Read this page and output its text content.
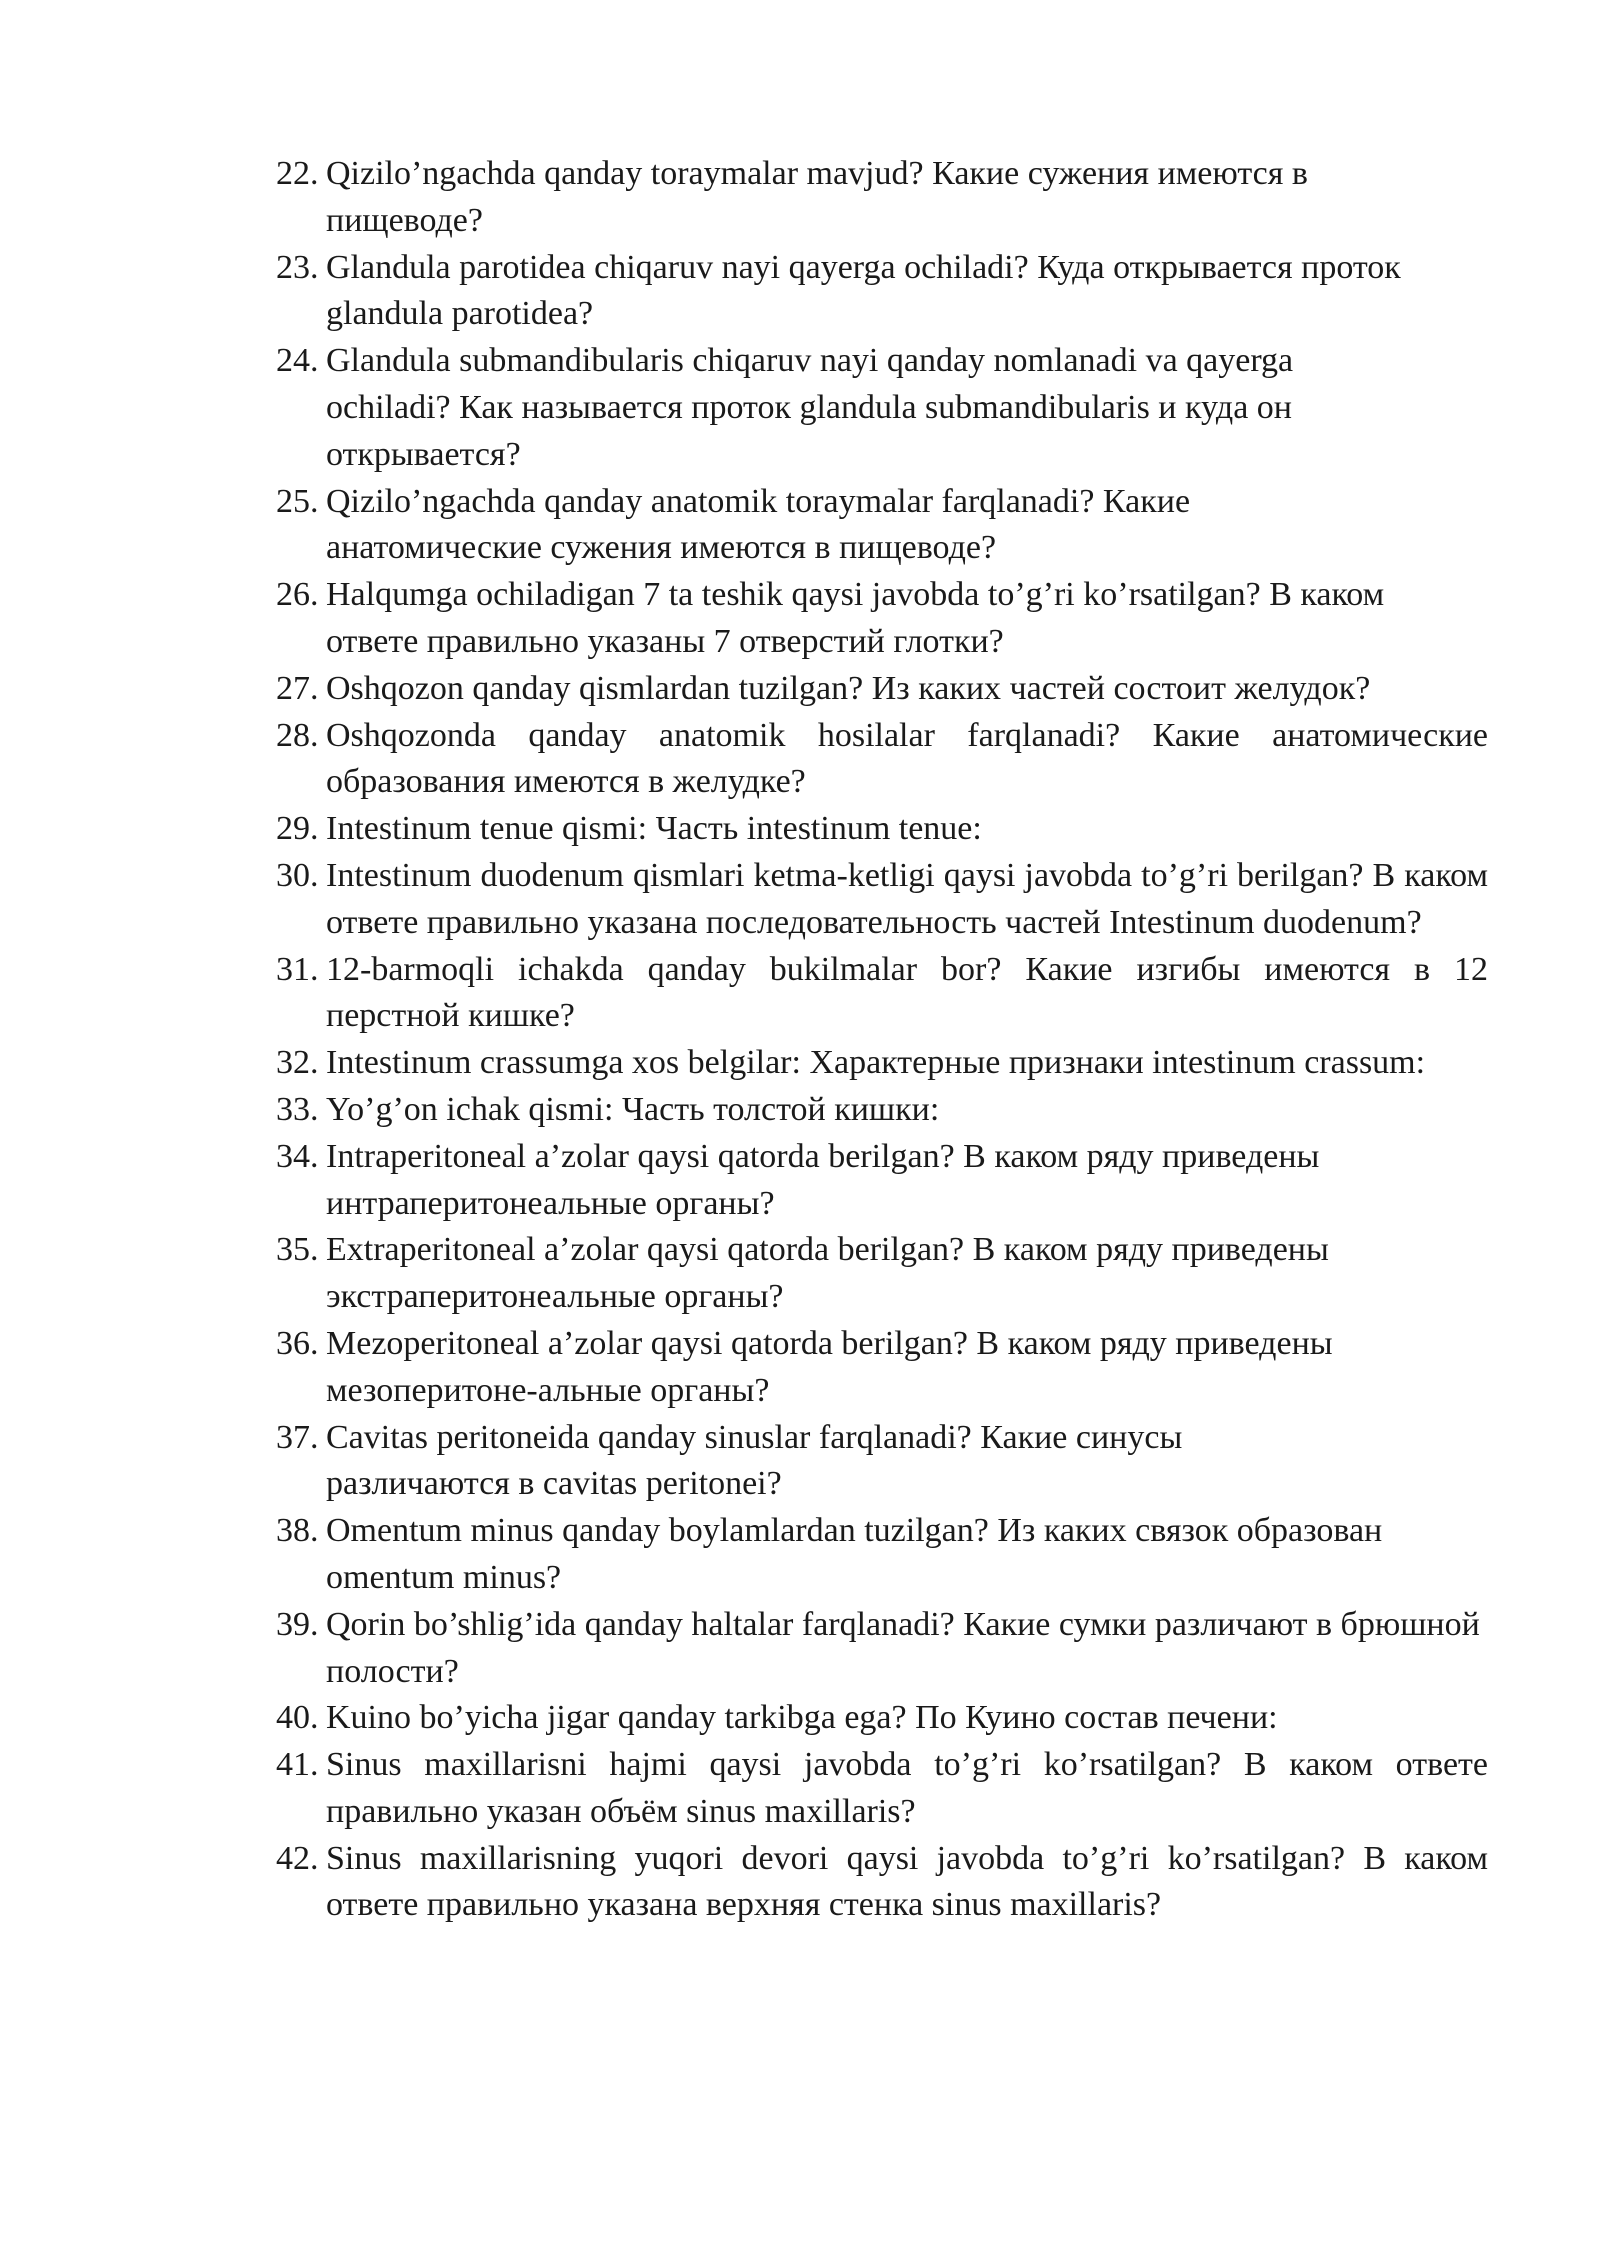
22. Qizilo’ngachda qanday toraymalar mavjud? Какие сужения имеются в пищеводе?
23. Glandula parotidea chiqaruv nayi qayerga ochiladi? Куда открывается проток glandula parotidea?
24. Glandula submandibularis chiqaruv nayi qanday nomlanadi va qayerga ochiladi? Как называется проток glandula submandibularis и куда он открывается?
25. Qizilo’ngachda qanday anatomik toraymalar farqlanadi? Какие анатомические сужения имеются в пищеводе?
26. Halqumga ochiladigan 7 ta teshik qaysi javobda to’g’ri ko’rsatilgan? В каком ответе правильно указаны 7 отверстий глотки?
27. Oshqozon qanday qismlardan tuzilgan? Из каких частей состоит желудок?
28. Oshqozonda qanday anatomik hosilalar farqlanadi? Какие анатомические образования имеются в желудке?
29. Intestinum tenue qismi: Часть intestinum tenue:
30. Intestinum duodenum qismlari ketma-ketligi qaysi javobda to’g’ri berilgan? В каком ответе правильно указана последовательность частей Intestinum duodenum?
31. 12-barmoqli ichakda qanday bukilmalar bor? Какие изгибы имеются в 12 перстной кишке?
32. Intestinum crassumga xos belgilar: Характерные признаки intestinum crassum:
33. Yo’g’on ichak qismi: Часть толстой кишки:
34. Intraperitoneal a’zolar qaysi qatorda berilgan? В каком ряду приведены интраперитонеальные органы?
35. Extraperitoneal a’zolar qaysi qatorda berilgan? В каком ряду приведены экстраперитонеальные органы?
36. Mezoperitoneal a’zolar qaysi qatorda berilgan? В каком ряду приведены мезоперитоне-альные органы?
37. Cavitas peritoneida qanday sinuslar farqlanadi? Какие синусы различаются в cavitas peritonei?
38. Omentum minus qanday boylamlardan tuzilgan? Из каких связок образован omentum minus?
39. Qorin bo’shlig’ida qanday haltalar farqlanadi? Какие сумки различают в брюшной полости?
40. Kuino bo’yicha jigar qanday tarkibga ega? По Куино состав печени:
41. Sinus maxillarisni hajmi qaysi javobda to’g’ri ko’rsatilgan? В каком ответе правильно указан объём sinus maxillaris?
42. Sinus maxillarisning yuqori devori qaysi javobda to’g’ri ko’rsatilgan? В каком ответе правильно указана верхняя стенка sinus maxillaris?
